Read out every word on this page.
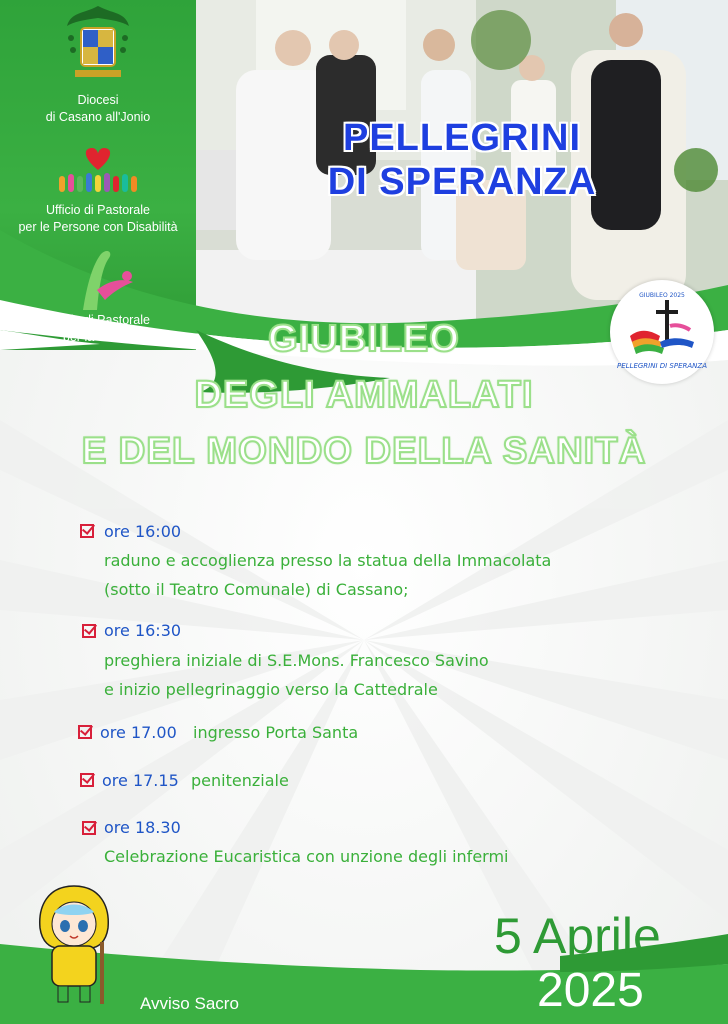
Diocesi
di Casano all'Jonio
Ufficio di Pastorale
per le Persone con Disabilità
Ufficio di Pastorale
per la Salute
PELLEGRINI
DI SPERANZA
PELLEGRINI DI SPERANZA
GIUBILEO 2025
GIUBILEO
DEGLI AMMALATI
E DEL MONDO DELLA SANITÀ
ore 16:00
raduno e accoglienza presso la statua della Immacolata
(sotto il Teatro Comunale) di Cassano;
ore 16:30
preghiera iniziale di S.E.Mons. Francesco Savino
e inizio pellegrinaggio verso la Cattedrale
ore 17.00 ingresso Porta Santa
ore 17.15 penitenziale
ore 18.30
Celebrazione Eucaristica con unzione degli infermi
5 Aprile
2025
Avviso Sacro
